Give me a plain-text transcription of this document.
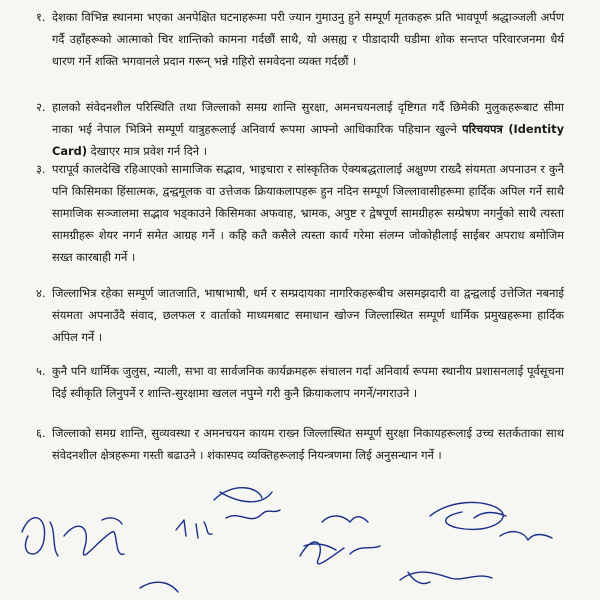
१. देशका विभिन्न स्थानमा भएका अनपेक्षित घटनाहरूमा परी ज्यान गुमाउनु हुने सम्पूर्ण मृतकहरू प्रति भावपूर्ण श्रद्धाञ्जली अर्पण गर्दै उहाँहरूको आत्माको चिर शान्तिको कामना गर्दछौं साथै, यो असह्य र पीडादायी घडीमा शोक सन्तप्त परिवारजनमा धैर्य धारण गर्ने शक्ति भगवानले प्रदान गरून् भन्ने गहिरो समवेदना व्यक्त गर्दछौं ।
२. हालको संवेदनशील परिस्थिति तथा जिल्लाको समग्र शान्ति सुरक्षा, अमनचयनलाई दृष्टिगत गर्दै छिमेकी मुलुकहरूबाट सीमा नाका भई नेपाल भित्रिने सम्पूर्ण यात्रुहरूलाई अनिवार्य रूपमा आफ्नो आधिकारिक पहिचान खुल्ने परिचयपत्र (Identity Card) देखाएर मात्र प्रवेश गर्न दिने ।
३. परापूर्व कालदेखि रहिआएको सामाजिक सद्भाव, भाइचारा र सांस्कृतिक ऐक्यबद्धतालाई अक्षुण्ण राख्दै संयमता अपनाउन र कुनै पनि किसिमका हिंसात्मक, द्वन्द्वमूलक वा उत्तेजक क्रियाकलापहरू हुन नदिन सम्पूर्ण जिल्लावासीहरूमा हार्दिक अपिल गर्ने साथै सामाजिक सञ्जालमा सद्भाव भड्काउने किसिमका अफवाह, भ्रामक, अपुष्ट र द्वेषपूर्ण सामग्रीहरू सम्प्रेषण नगर्नुको साथै त्यस्ता सामग्रीहरू शेयर नगर्न समेत आग्रह गर्ने । कहि कतै कसैले त्यस्ता कार्य गरेमा संलग्न जोकोहीलाई साईबर अपराध बमोजिम सख्त कारबाही गर्ने ।
४. जिल्लाभित्र रहेका सम्पूर्ण जातजाति, भाषाभाषी, धर्म र सम्प्रदायका नागरिकहरूबीच असमझदारी वा द्वन्द्वलाई उत्तेजित नबनाई संयमता अपनाउँदै संवाद, छलफल र वार्ताको माध्यमबाट समाधान खोज्न जिल्लास्थित सम्पूर्ण धार्मिक प्रमुखहरूमा हार्दिक अपिल गर्ने ।
५. कुनै पनि धार्मिक जुलुस, न्याली, सभा वा सार्वजनिक कार्यक्रमहरू संचालन गर्दा अनिवार्य रूपमा स्थानीय प्रशासनलाई पूर्वसूचना दिई स्वीकृति लिनुपर्ने र शान्ति-सुरक्षामा खलल नपुग्ने गरी कुनै क्रियाकलाप नगर्ने/नगराउने ।
६. जिल्लाको समग्र शान्ति, सुव्यवस्था र अमनचयन कायम राख्न जिल्लास्थित सम्पूर्ण सुरक्षा निकायहरूलाई उच्च सतर्कताका साथ संवेदनशील क्षेत्रहरूमा गस्ती बढाउने । शंकास्पद व्यक्तिहरूलाई नियन्त्रणमा लिई अनुसन्धान गर्ने ।
